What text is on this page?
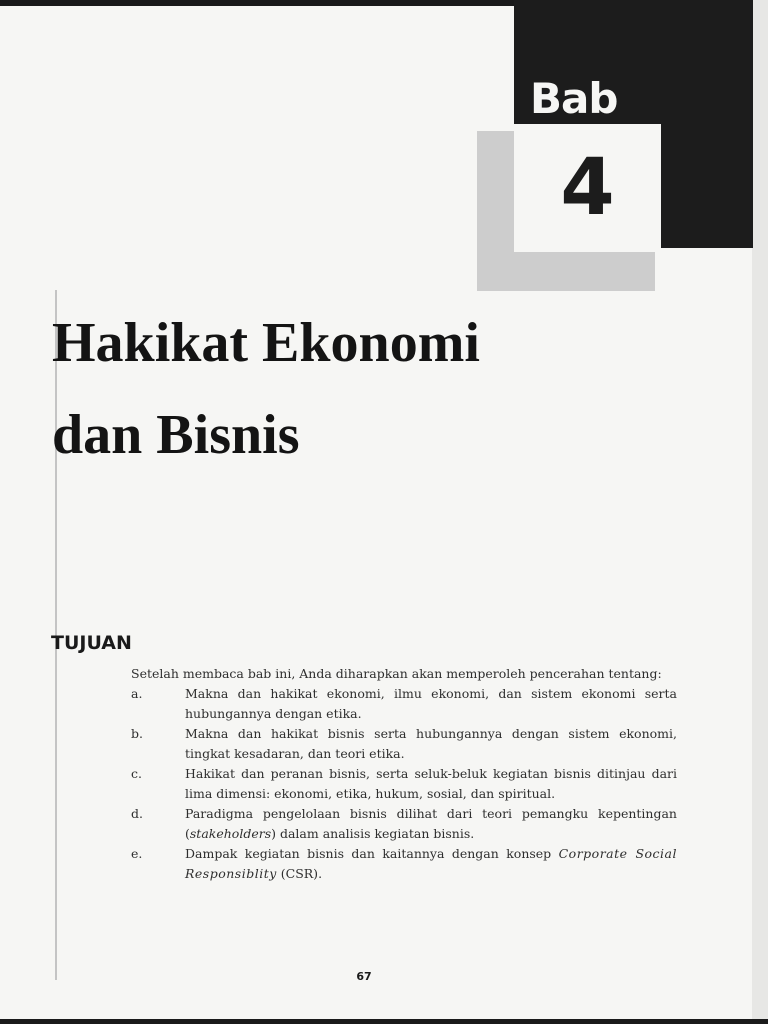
Bab
4
Hakikat Ekonomi
dan Bisnis
TUJUAN
Setelah membaca bab ini, Anda diharapkan akan memperoleh pencerahan tentang:
a.	Makna dan hakikat ekonomi, ilmu ekonomi, dan sistem ekonomi serta hubungannya dengan etika.
b.	Makna dan hakikat bisnis serta hubungannya dengan sistem ekonomi, tingkat kesadaran, dan teori etika.
c.	Hakikat dan peranan bisnis, serta seluk-beluk kegiatan bisnis ditinjau dari lima dimensi: ekonomi, etika, hukum, sosial, dan spiritual.
d.	Paradigma pengelolaan bisnis dilihat dari teori pemangku kepentingan (stakeholders) dalam analisis kegiatan bisnis.
e.	Dampak kegiatan bisnis dan kaitannya dengan konsep Corporate Social Responsiblity (CSR).
67
